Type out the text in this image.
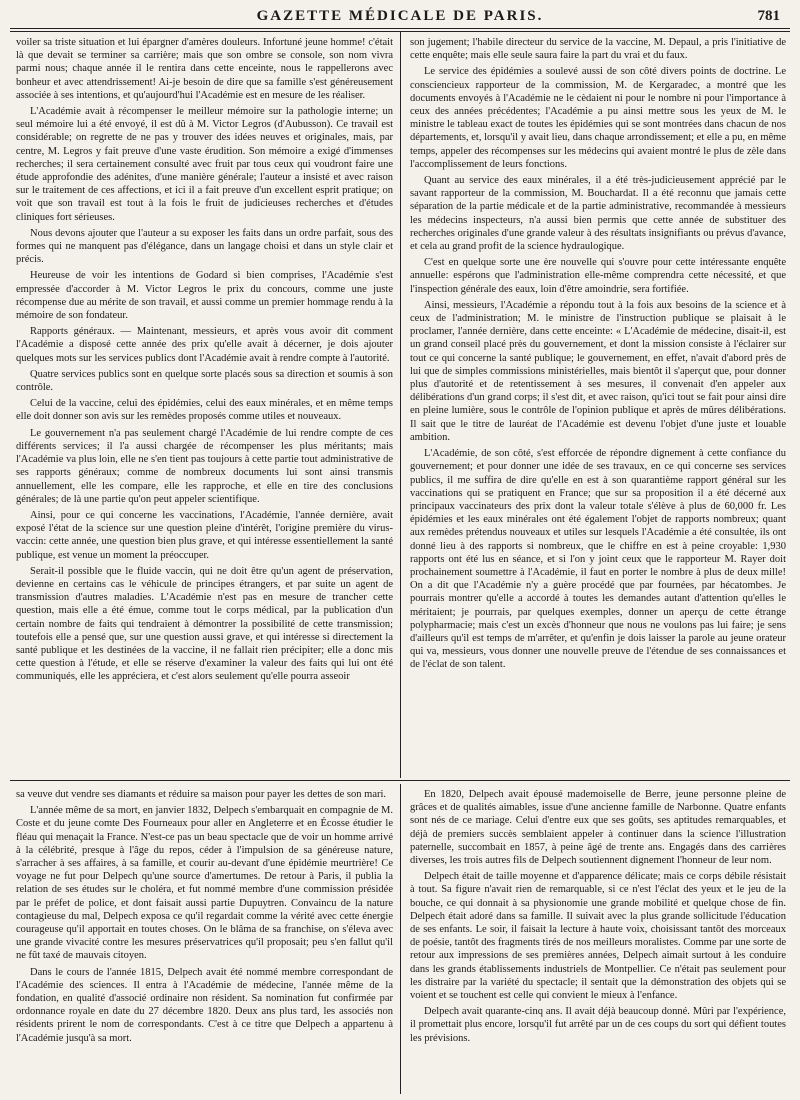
GAZETTE MÉDICALE DE PARIS.	781

voiler sa triste situation et lui épargner d'amères douleurs. Infortuné jeune homme! c'était là que devait se terminer sa carrière; mais que son ombre se console, son nom vivra parmi nous; chaque année il le rentira dans cette enceinte, nous le rappellerons avec bonheur et avec attendrissement! Ai-je besoin de dire que sa famille s'est généreusement associée à ses intentions, et qu'aujourd'hui l'Académie est en mesure de les réaliser.

L'Académie avait à récompenser le meilleur mémoire sur la pathologie interne; un seul mémoire lui a été envoyé, il est dû à M. Victor Legros (d'Aubusson). Ce travail est considérable; on regrette de ne pas y trouver des idées neuves et originales, mais, par centre, M. Legros y fait preuve d'une vaste érudition. Son mémoire a exigé d'immenses recherches; il sera certainement consulté avec fruit par tous ceux qui voudront faire une étude approfondie des adénites, d'une manière générale; l'auteur a insisté et avec raison sur le traitement de ces affections, et ici il a fait preuve d'un excellent esprit pratique; on voit que son travail est tout à la fois le fruit de judicieuses recherches et d'études cliniques fort sérieuses.

Nous devons ajouter que l'auteur a su exposer les faits dans un ordre parfait, sous des formes qui ne manquent pas d'élégance, dans un langage choisi et dans un style clair et précis.

Heureuse de voir les intentions de Godard si bien comprises, l'Académie s'est empressée d'accorder à M. Victor Legros le prix du concours, comme une juste récompense due au mérite de son travail, et aussi comme un premier hommage rendu à la mémoire de son fondateur.

Rapports généraux. — Maintenant, messieurs, et après vous avoir dit comment l'Académie a disposé cette année des prix qu'elle avait à décerner, je dois ajouter quelques mots sur les services publics dont l'Académie avait à rendre compte à l'autorité.

Quatre services publics sont en quelque sorte placés sous sa direction et soumis à son contrôle.

Celui de la vaccine, celui des épidémies, celui des eaux minérales, et en même temps elle doit donner son avis sur les remèdes proposés comme utiles et nouveaux.

Le gouvernement n'a pas seulement chargé l'Académie de lui rendre compte de ces différents services; il l'a aussi chargée de récompenser les plus méritants; mais l'Académie va plus loin, elle ne s'en tient pas toujours à cette partie tout administrative de ses rapports généraux; comme de nombreux documents lui sont ainsi transmis annuellement, elle les compare, elle les rapproche, et elle en tire des conclusions générales; de là une partie qu'on peut appeler scientifique.

Ainsi, pour ce qui concerne les vaccinations, l'Académie, l'année dernière, avait exposé l'état de la science sur une question pleine d'intérêt, l'origine première du virus-vaccin: cette année, une question bien plus grave, et qui intéresse essentiellement la santé publique, est venue un moment la préoccuper.

Serait-il possible que le fluide vaccin, qui ne doit être qu'un agent de préservation, devienne en certains cas le véhicule de principes étrangers, et par suite un agent de transmission d'autres maladies. L'Académie n'est pas en mesure de trancher cette question, mais elle a été émue, comme tout le corps médical, par la publication d'un certain nombre de faits qui tendraient à démontrer la possibilité de cette transmission; toutefois elle a pensé que, sur une question aussi grave, et qui intéresse si directement la santé publique et les destinées de la vaccine, il ne fallait rien précipiter; elle a donc mis cette question à l'étude, et elle se réserve d'examiner la valeur des faits qui lui ont été communiqués, elle les appréciera, et c'est alors seulement qu'elle pourra asseoir

son jugement; l'habile directeur du service de la vaccine, M. Depaul, a pris l'initiative de cette enquête; mais elle seule saura faire la part du vrai et du faux.

Le service des épidémies a soulevé aussi de son côté divers points de doctrine. Le consciencieux rapporteur de la commission, M. de Kergaradec, a montré que les documents envoyés à l'Académie ne le cèdaient ni pour le nombre ni pour l'importance à ceux des années précédentes; l'Académie a pu ainsi mettre sous les yeux de M. le ministre le tableau exact de toutes les épidémies qui se sont montrées dans chacun de nos départements, et, lorsqu'il y avait lieu, dans chaque arrondissement; et elle a pu, en même temps, appeler des récompenses sur les médecins qui avaient montré le plus de zèle dans l'accomplissement de leurs fonctions.

Quant au service des eaux minérales, il a été très-judicieusement apprécié par le savant rapporteur de la commission, M. Bouchardat. Il a été reconnu que jamais cette séparation de la partie médicale et de la partie administrative, recommandée à messieurs les médecins inspecteurs, n'a aussi bien permis que cette année de substituer des recherches originales d'une grande valeur à des résultats insignifiants ou prévus d'avance, et cela au grand profit de la science hydraulogique.

C'est en quelque sorte une ère nouvelle qui s'ouvre pour cette intéressante enquête annuelle: espérons que l'administration elle-même comprendra cette nécessité, et que l'inspection générale des eaux, loin d'être amoindrie, sera fortifiée.

Ainsi, messieurs, l'Académie a répondu tout à la fois aux besoins de la science et à ceux de l'administration; M. le ministre de l'instruction publique se plaisait à le proclamer, l'année dernière, dans cette enceinte: « L'Académie de médecine, disait-il, est un grand conseil placé près du gouvernement, et dont la mission consiste à l'éclairer sur tout ce qui concerne la santé publique; le gouvernement, en effet, n'avait d'abord près de lui que de simples commissions ministérielles, mais bientôt il s'aperçut que, pour donner plus d'autorité et de retentissement à ses mesures, il convenait d'en appeler aux délibérations d'un grand corps; il s'est dit, et avec raison, qu'ici tout se fait pour ainsi dire en pleine lumière, sous le contrôle de l'opinion publique et après de mûres délibérations. Il sait que le titre de lauréat de l'Académie est devenu l'objet d'une juste et louable ambition.

L'Académie, de son côté, s'est efforcée de répondre dignement à cette confiance du gouvernement; et pour donner une idée de ses travaux, en ce qui concerne ses services publics, il me suffira de dire qu'elle en est à son quarantième rapport général sur les vaccinations qui se pratiquent en France; que sur sa proposition il a été décerné aux principaux vaccinateurs des prix dont la valeur totale s'élève à plus de 60,000 fr. Les épidémies et les eaux minérales ont été également l'objet de rapports nombreux; quant aux remèdes prétendus nouveaux et utiles sur lesquels l'Académie a été consultée, ils ont donné lieu à des rapports si nombreux, que le chiffre en est à peine croyable: 1,930 rapports ont été lus en séance, et si l'on y joint ceux que le rapporteur M. Rayer doit prochainement soumettre à l'Académie, il faut en porter le nombre à plus de deux mille! On a dit que l'Académie n'y a guère procédé que par fournées, par hécatombes. Je pourrais montrer qu'elle a accordé à toutes les demandes autant d'attention qu'elles le méritaient; je pourrais, par quelques exemples, donner un aperçu de cette étrange polypharmacie; mais c'est un excès d'honneur que nous ne voulons pas lui faire; je sens d'ailleurs qu'il est temps de m'arrêter, et qu'enfin je dois laisser la parole au jeune orateur qui va, messieurs, vous donner une nouvelle preuve de l'étendue de ses connaissances et de l'éclat de son talent.

sa veuve dut vendre ses diamants et réduire sa maison pour payer les dettes de son mari.

L'année même de sa mort, en janvier 1832, Delpech s'embarquait en compagnie de M. Coste et du jeune comte Des Fourneaux pour aller en Angleterre et en Écosse étudier le fléau qui menaçait la France. N'est-ce pas un beau spectacle que de voir un homme arrivé à la célébrité, presque à l'âge du repos, céder à l'impulsion de sa généreuse nature, s'arracher à ses affaires, à sa famille, et courir au-devant d'une épidémie meurtrière! Ce voyage ne fut pour Delpech qu'une source d'amertumes. De retour à Paris, il publia la relation de ses études sur le choléra, et fut nommé membre d'une commission présidée par le préfet de police, et dont faisait aussi partie Dupuytren. Convaincu de la nature contagieuse du mal, Delpech exposa ce qu'il regardait comme la vérité avec cette énergie courageuse qu'il apportait en toutes choses. On le blâma de sa franchise, on s'éleva avec une grande vivacité contre les mesures préservatrices qu'il proposait; peu s'en fallut qu'il ne fût taxé de mauvais citoyen.

Dans le cours de l'année 1815, Delpech avait été nommé membre correspondant de l'Académie des sciences. Il entra à l'Académie de médecine, l'année même de la fondation, en qualité d'associé ordinaire non résident. Sa nomination fut confirmée par ordonnance royale en date du 27 décembre 1820. Deux ans plus tard, les associés non résidents prirent le nom de correspondants. C'est à ce titre que Delpech a appartenu à l'Académie jusqu'à sa mort.

En 1820, Delpech avait épousé mademoiselle de Berre, jeune personne pleine de grâces et de qualités aimables, issue d'une ancienne famille de Narbonne. Quatre enfants sont nés de ce mariage. Celui d'entre eux que ses goûts, ses aptitudes remarquables, et déjà de premiers succès semblaient appeler à continuer dans la science l'illustration paternelle, succombait en 1857, à peine âgé de trente ans. Engagés dans des carrières diverses, les trois autres fils de Delpech soutiennent dignement l'honneur de leur nom.

Delpech était de taille moyenne et d'apparence délicate; mais ce corps débile résistait à tout. Sa figure n'avait rien de remarquable, si ce n'est l'éclat des yeux et le jeu de la bouche, ce qui donnait à sa physionomie une grande mobilité et quelque chose de fin. Delpech était adoré dans sa famille. Il suivait avec la plus grande sollicitude l'éducation de ses enfants. Le soir, il faisait la lecture à haute voix, choisissant tantôt des morceaux de poésie, tantôt des fragments tirés de nos meilleurs moralistes. Comme par une sorte de retour aux impressions de ses premières années, Delpech aimait surtout à les conduire dans les grands établissements industriels de Montpellier. Ce n'était pas seulement pour les distraire par la variété du spectacle; il sentait que la démonstration des objets qui se voient et se touchent est celle qui convient le mieux à l'enfance.

Delpech avait quarante-cinq ans. Il avait déjà beaucoup donné. Mûri par l'expérience, il promettait plus encore, lorsqu'il fut arrêté par un de ces coups du sort qui défient toutes les prévisions.
